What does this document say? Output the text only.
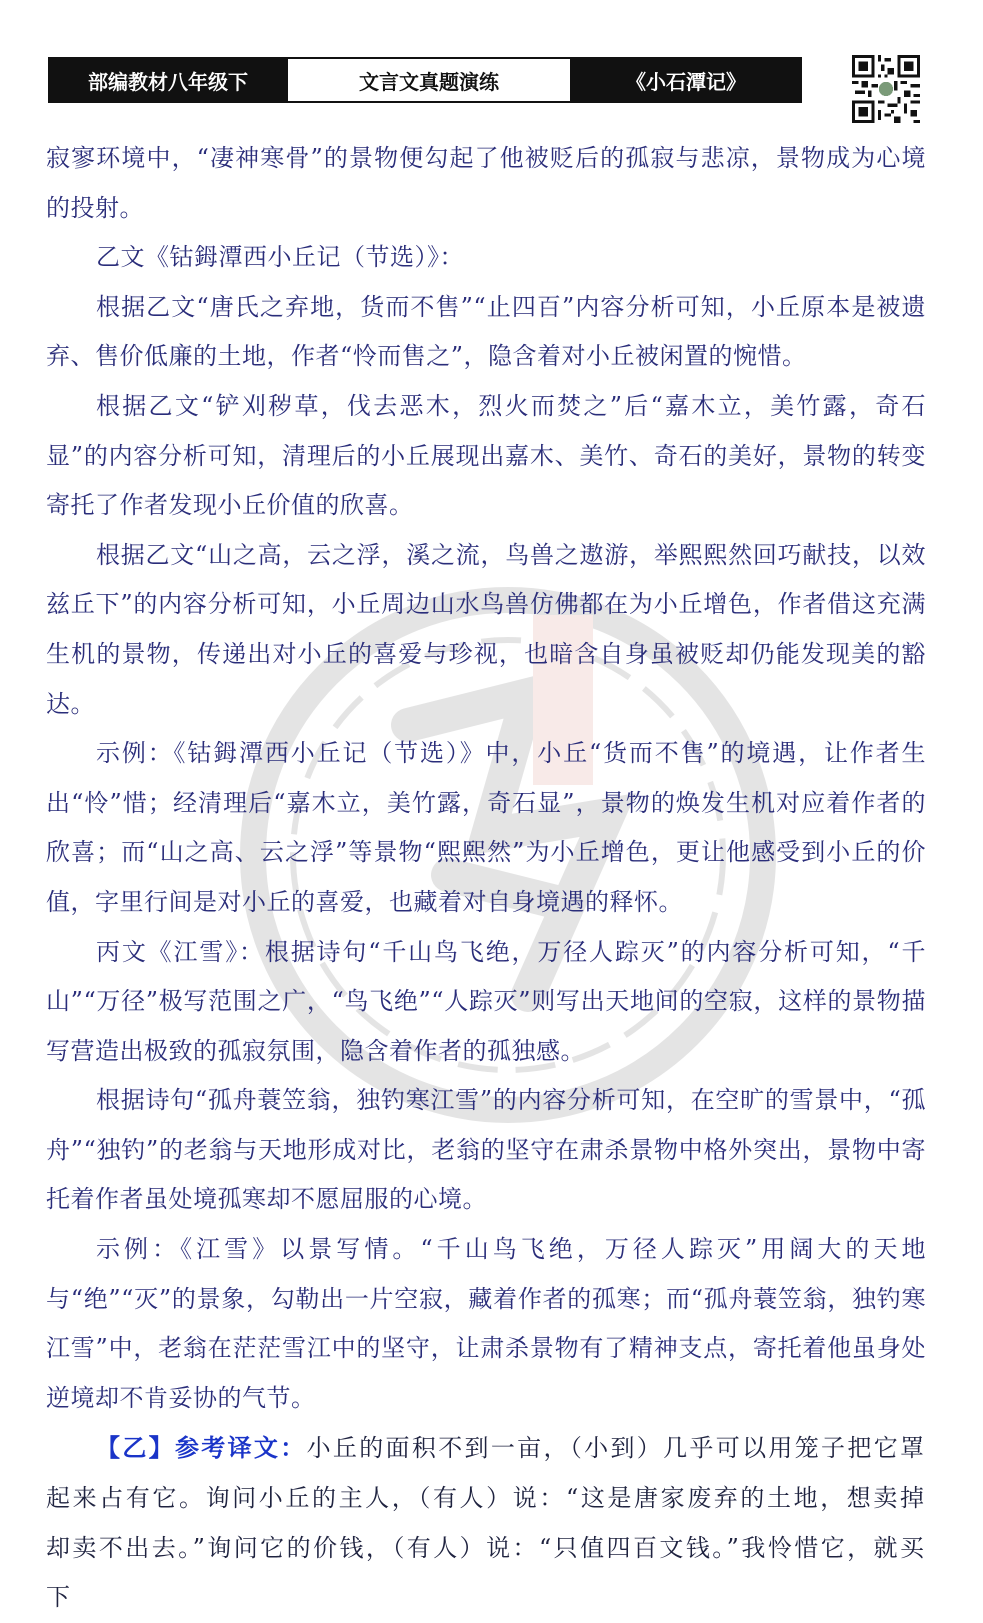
部编教材八年级下	文言文真题演练	《小石潭记》

寂寥环境中，“凄神寒骨”的景物便勾起了他被贬后的孤寂与悲凉，景物成为心境的投射。

乙文《钴鉧潭西小丘记（节选）》：

根据乙文“唐氏之弃地，货而不售”“止四百”内容分析可知，小丘原本是被遗弃、售价低廉的土地，作者“怜而售之”，隐含着对小丘被闲置的惋惜。

根据乙文“铲刈秽草，伐去恶木，烈火而焚之”后“嘉木立，美竹露，奇石显”的内容分析可知，清理后的小丘展现出嘉木、美竹、奇石的美好，景物的转变寄托了作者发现小丘价值的欣喜。

根据乙文“山之高，云之浮，溪之流，鸟兽之遨游，举熙熙然回巧献技，以效兹丘下”的内容分析可知，小丘周边山水鸟兽仿佛都在为小丘增色，作者借这充满生机的景物，传递出对小丘的喜爱与珍视，也暗含自身虽被贬却仍能发现美的豁达。

示例：《钴鉧潭西小丘记（节选）》中，小丘“货而不售”的境遇，让作者生出“怜”惜；经清理后“嘉木立，美竹露，奇石显”，景物的焕发生机对应着作者的欣喜；而“山之高、云之浮”等景物“熙熙然”为小丘增色，更让他感受到小丘的价值，字里行间是对小丘的喜爱，也藏着对自身境遇的释怀。

丙文《江雪》：根据诗句“千山鸟飞绝，万径人踪灭”的内容分析可知，“千山”“万径”极写范围之广，“鸟飞绝”“人踪灭”则写出天地间的空寂，这样的景物描写营造出极致的孤寂氛围，隐含着作者的孤独感。

根据诗句“孤舟蓑笠翁，独钓寒江雪”的内容分析可知，在空旷的雪景中，“孤舟”“独钓”的老翁与天地形成对比，老翁的坚守在肃杀景物中格外突出，景物中寄托着作者虽处境孤寒却不愿屈服的心境。

示例：《江雪》以景写情。“千山鸟飞绝，万径人踪灭”用阔大的天地与“绝”“灭”的景象，勾勒出一片空寂，藏着作者的孤寒；而“孤舟蓑笠翁，独钓寒江雪”中，老翁在茫茫雪江中的坚守，让肃杀景物有了精神支点，寄托着他虽身处逆境却不肯妥协的气节。

【乙】参考译文：小丘的面积不到一亩，（小到）几乎可以用笼子把它罩起来占有它。询问小丘的主人，（有人）说：“这是唐家废弃的土地，想卖掉却卖不出去。”询问它的价钱，（有人）说：“只值四百文钱。”我怜惜它，就买下
